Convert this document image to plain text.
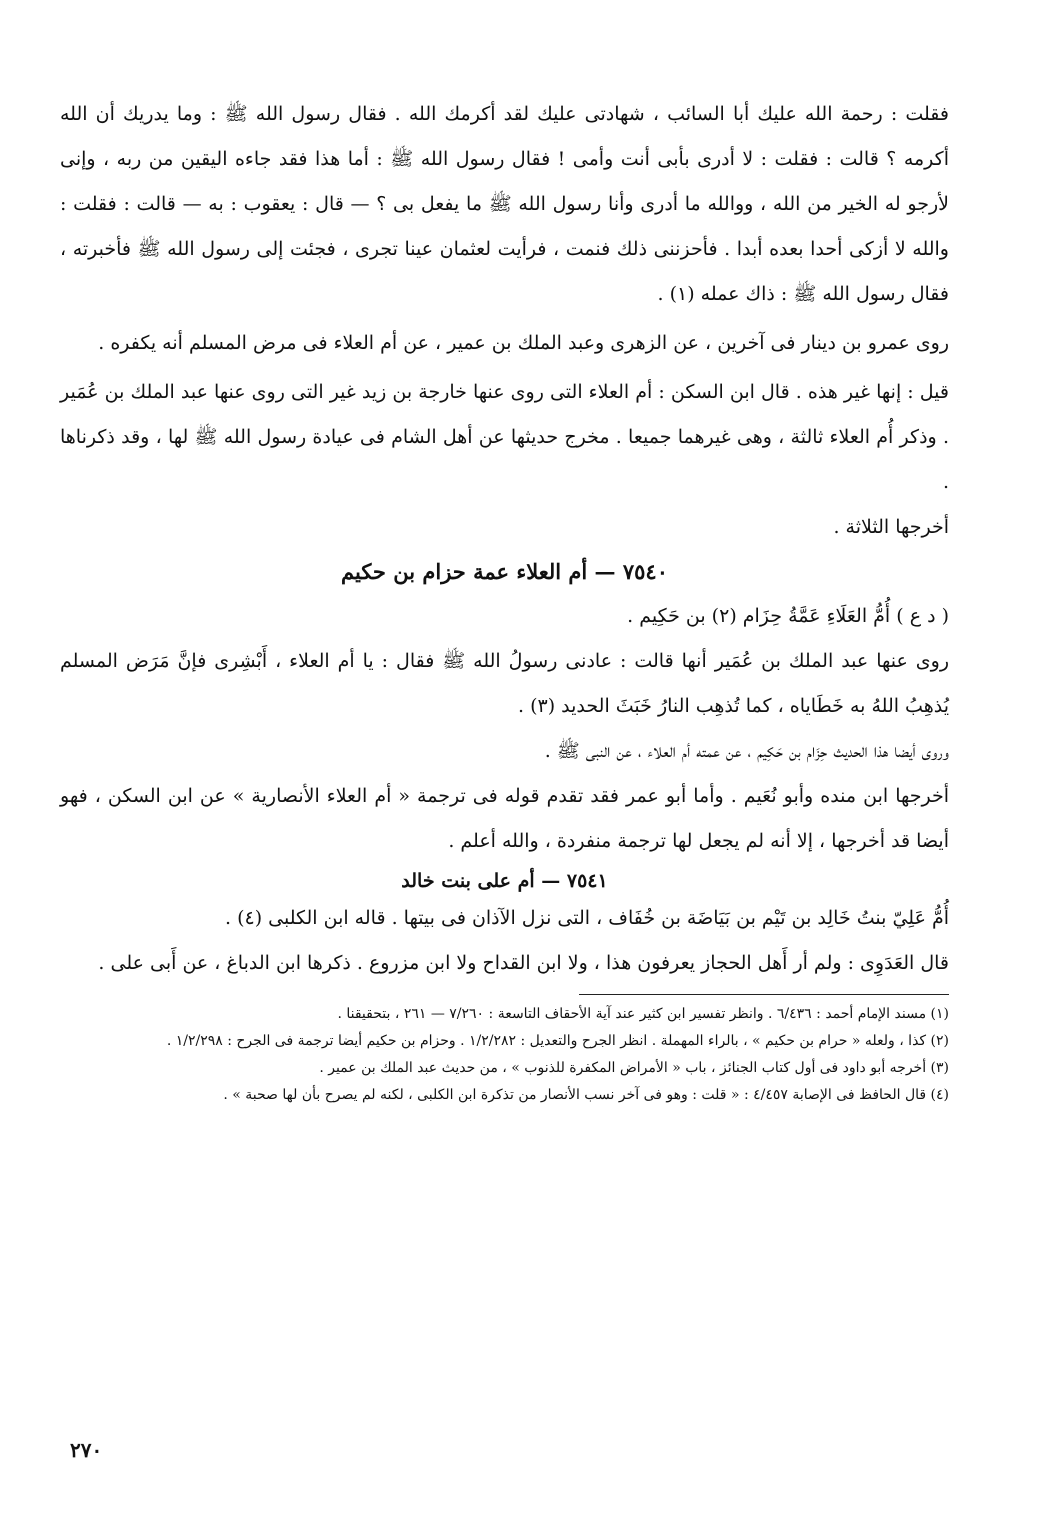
فقلت : رحمة الله عليك أبا السائب ، شهادتى عليك لقد أكرمك الله . فقال رسول الله ﷺ : وما يدريك أن الله أكرمه ؟ قالت : فقلت : لا أدرى بأبى أنت وأمى ! فقال رسول الله ﷺ : أما هذا فقد جاءه اليقين من ربه ، وإنى لأرجو له الخير من الله ، ووالله ما أدرى وأنا رسول الله ﷺ ما يفعل بى ؟ — قال : يعقوب : به — قالت : فقلت : والله لا أزكى أحدا بعده أبدا . فأحزننى ذلك فنمت ، فرأيت لعثمان عينا تجرى ، فجئت إلى رسول الله ﷺ فأخبرته ، فقال رسول الله ﷺ : ذاك عمله (١) .

روى عمرو بن دينار فى آخرين ، عن الزهرى وعبد الملك بن عمير ، عن أم العلاء فى مرض المسلم أنه يكفره .

قيل : إنها غير هذه . قال ابن السكن : أم العلاء التى روى عنها خارجة بن زيد غير التى روى عنها عبد الملك بن عُمَير . وذكر أُم العلاء ثالثة ، وهى غيرهما جميعا . مخرج حديثها عن أهل الشام فى عيادة رسول الله ﷺ لها ، وقد ذكرناها .

أخرجها الثلاثة .

٧٥٤٠ — أم العلاء عمة حزام بن حكيم

( د ع ) أُمُّ العَلَاءِ عَمَّةُ حِزَام (٢) بن حَكِيم .

روى عنها عبد الملك بن عُمَير أنها قالت : عادنى رسولُ الله ﷺ فقال : يا أم العلاء ، أَبْشِرى فإنَّ مَرَض المسلم يُذهِبُ اللهُ به خَطَاياه ، كما تُذهِب النارُ خَبَثَ الحديد (٣) .

وروى أيضا هذا الحديث حِزَام بن حَكِيم ، عن عمته أم العلاء ، عن النبى ﷺ .

أخرجها ابن منده وأبو نُعَيم . وأما أبو عمر فقد تقدم قوله فى ترجمة « أم العلاء الأنصارية » عن ابن السكن ، فهو أيضا قد أخرجها ، إلا أنه لم يجعل لها ترجمة منفردة ، والله أعلم .

٧٥٤١ — أم على بنت خالد

أُمُّ عَلِيّ بنتُ خَالِد بن تَيْم بن بَيَاضَة بن خُفَاف ، التى نزل الآذان فى بيتها . قاله ابن الكلبى (٤) .

قال العَدَوِى : ولم أر أَهل الحجاز يعرفون هذا ، ولا ابن القداح ولا ابن مزروع . ذكرها ابن الدباغ ، عن أَبى على .

(١) مسند الإمام أحمد : ٦/٤٣٦ . وانظر تفسير ابن كثير عند آية الأحقاف التاسعة : ٧/٢٦٠ — ٢٦١ ، بتحقيقنا .

(٢) كذا ، ولعله « حرام بن حكيم » ، بالراء المهملة . انظر الجرح والتعديل : ١/٢/٢٨٢ . وحزام بن حكيم أيضا ترجمة فى الجرح : ١/٢/٢٩٨ .

(٣) أخرجه أبو داود فى أول كتاب الجنائز ، باب « الأمراض المكفرة للذنوب » ، من حديث عبد الملك بن عمير .

(٤) قال الحافظ فى الإصابة ٤/٤٥٧ : « قلت : وهو فى آخر نسب الأنصار من تذكرة ابن الكلبى ، لكنه لم يصرح بأن لها صحبة » .

٢٧٠
